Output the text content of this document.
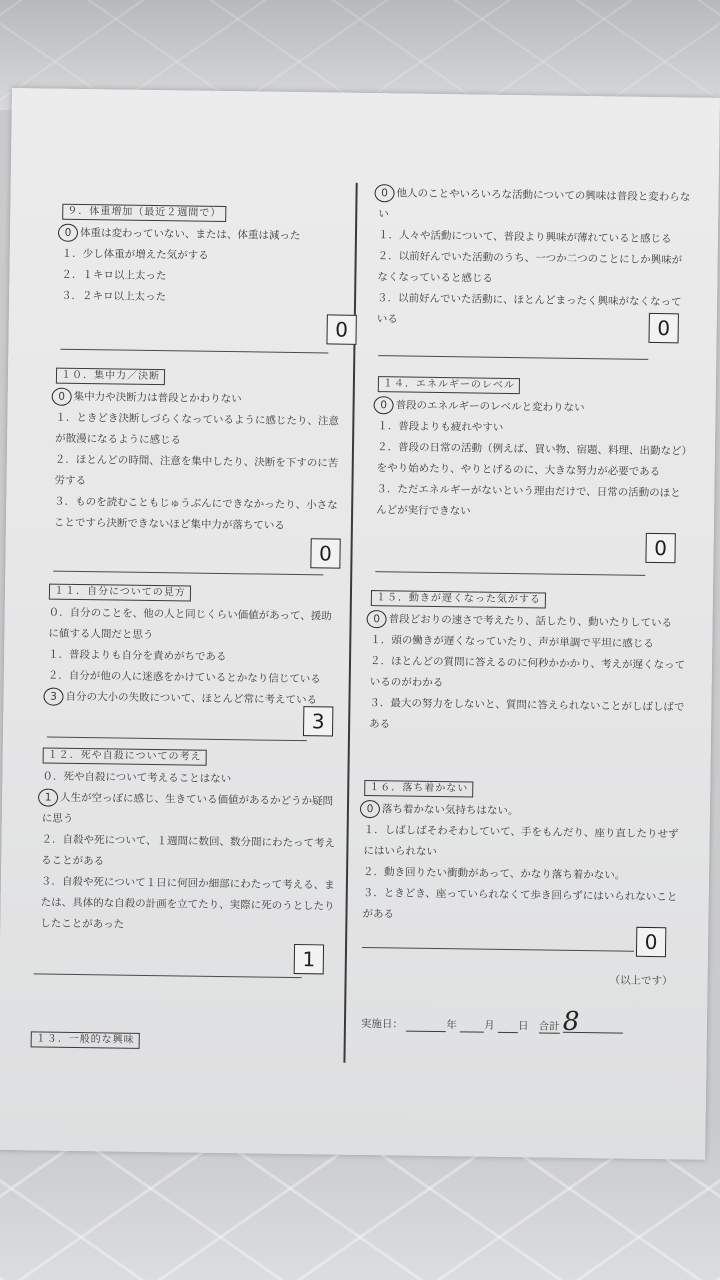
９．体重増加（最近２週間で）
0 体重は変わっていない、または、体重は減った
１．少し体重が増えた気がする
２．１キロ以上太った
３．２キロ以上太った
0
１０．集中力／決断
0 集中力や決断力は普段とかわりない
１．ときどき決断しづらくなっているように感じたり、注意が散漫になるように感じる
２．ほとんどの時間、注意を集中したり、決断を下すのに苦労する
３．ものを読むこともじゅうぶんにできなかったり、小さなことですら決断できないほど集中力が落ちている
0
１１．自分についての見方
０．自分のことを、他の人と同じくらい価値があって、援助に値する人間だと思う
１．普段よりも自分を責めがちである
２．自分が他の人に迷惑をかけているとかなり信じている
3 自分の大小の失敗について、ほとんど常に考えている
3
１２．死や自殺についての考え
０．死や自殺について考えることはない
1 人生が空っぽに感じ、生きている価値があるかどうか疑問に思う
２．自殺や死について、１週間に数回、数分間にわたって考えることがある
３．自殺や死について１日に何回か細部にわたって考える、または、具体的な自殺の計画を立てたり、実際に死のうとしたりしたことがあった
1
１３．一般的な興味
0 他人のことやいろいろな活動についての興味は普段と変わらない
１．人々や活動について、普段より興味が薄れていると感じる
２．以前好んでいた活動のうち、一つか二つのことにしか興味がなくなっていると感じる
３．以前好んでいた活動に、ほとんどまったく興味がなくなっている	0
１４．エネルギーのレベル
0 普段のエネルギーのレベルと変わりない
１．普段よりも疲れやすい
２．普段の日常の活動（例えば、買い物、宿題、料理、出勤など）をやり始めたり、やりとげるのに、大きな努力が必要である
３．ただエネルギーがないという理由だけで、日常の活動のほとんどが実行できない
0
１５．動きが遅くなった気がする
0 普段どおりの速さで考えたり、話したり、動いたりしている
１．頭の働きが遅くなっていたり、声が単調で平坦に感じる
２．ほとんどの質問に答えるのに何秒かかかり、考えが遅くなっているのがわかる
３．最大の努力をしないと、質問に答えられないことがしばしばである
１６．落ち着かない
0 落ち着かない気持ちはない。
１．しばしばそわそわしていて、手をもんだり、座り直したりせずにはいられない
２．動き回りたい衝動があって、かなり落ち着かない。
３．ときどき、座っていられなくて歩き回らずにはいられないことがある
0
（以上です）
実施日：	年	月 日 合計 8
